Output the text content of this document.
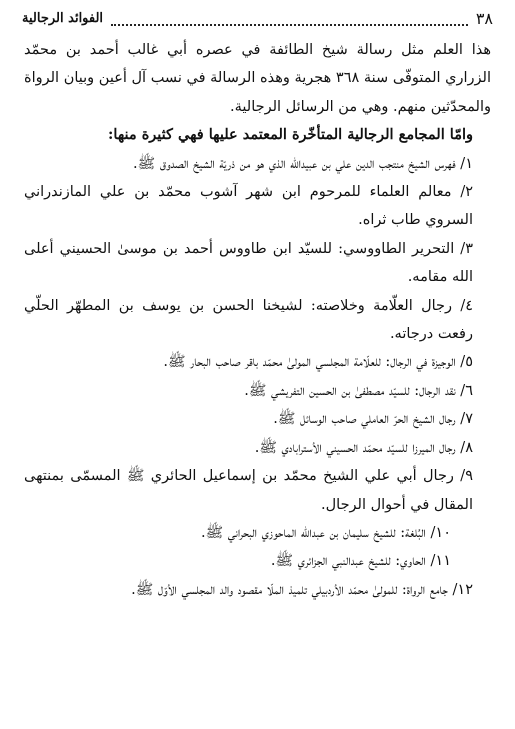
٣٨
الفوائد الرجالية

هذا العلم مثل رسالة شيخ الطائفة في عصره أبي غالب أحمد بن محمّد الزراري المتوفّى سنة ٣٦٨ هجرية وهذه الرسالة في نسب آل أعين وبيان الرواة والمحدّثين منهم. وهي من الرسائل الرجالية.

وامّا المجامع الرجالية المتأخّرة المعتمد عليها فهي كثيرة منها:

١/ فهرس الشيخ منتجب الدين علي بن عبيدالله الذي هو من ذريّة الشيخ الصدوق ﷺ.

٢/ معالم العلماء للمرحوم ابن شهر آشوب محمّد بن علي المازندراني السروي طاب ثراه.

٣/ التحرير الطاووسي: للسيّد ابن طاووس أحمد بن موسىٰ الحسيني أعلى الله مقامه.

٤/ رجال العلّامة وخلاصته: لشيخنا الحسن بن يوسف بن المطهّر الحلّي رفعت درجاته.

٥/ الوجيزة في الرجال: للعلّامة المجلسي المولىٰ محمّد باقر صاحب البحار ﷺ.

٦/ نقد الرجال: للسيّد مصطفىٰ بن الحسين التفريشي ﷺ.

٧/ رجال الشيخ الحرّ العاملي صاحب الوسائل ﷺ.

٨/ رجال الميرزا للسيّد محمّد الحسيني الأسترابادي ﷺ.

٩/ رجال أبي علي الشيخ محمّد بن إسماعيل الحائري ﷺ المسمّى بمنتهى المقال في أحوال الرجال.

١٠/ البُلغة: للشيخ سليمان بن عبدالله الماحوزي البحراني ﷺ.

١١/ الحاوي: للشيخ عبدالنبي الجزائري ﷺ.

١٢/ جامع الرواة: للمولىٰ محمّد الأردبيلي تلميذ الملّا مقصود والد المجلسي الأوّل ﷺ.
